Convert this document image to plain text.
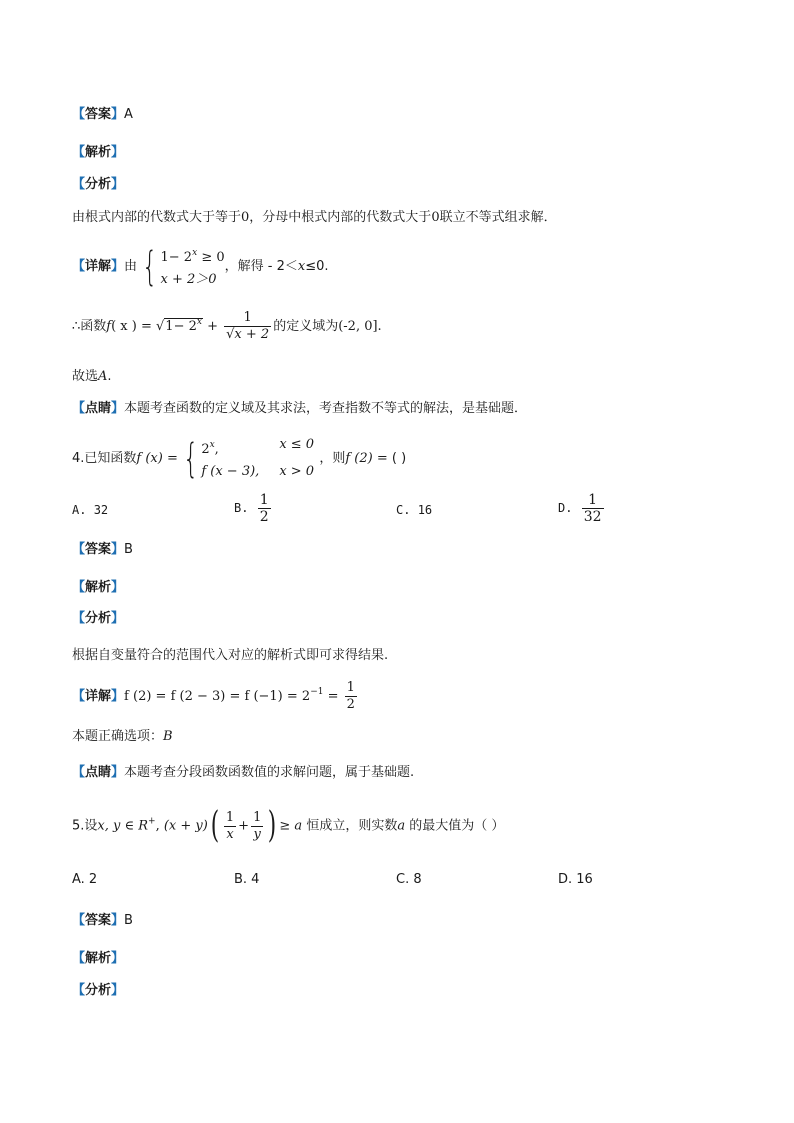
【答案】A
【解析】
【分析】
由根式内部的代数式大于等于0，分母中根式内部的代数式大于0联立不等式组求解．
【详解】由 { $1- 2^x \ge 0$
x + 2＞0
，解得 - 2＜x≤0.
∴函数f( x ) = $√1- 2^x + \frac{1}{√x + 2}$ 的定义域为(-2, 0].
故选A.
【点睛】本题考查函数的定义域及其求法，考查指数不等式的解法，是基础题．
4.已知函数f (x) = { 2$^x$,	x ≤ 0
f (x − 3), x > 0
，则f (2) = ( )
A. 32	B. $\frac{1}{2}$	C. 16	D. $\frac{1}{32}$
【答案】B
【解析】
【分析】
根据自变量符合的范围代入对应的解析式即可求得结果.
【详解】f (2) = f (2 − 3) = f $(-1) = 2^{-1} = \frac{1}{2}$
本题正确选项：B
【点睛】本题考查分段函数函数值的求解问题，属于基础题.
5.设x, y ∈ R+, $(x + y)( \frac{1}{x} + \frac{1}{y}$ ) ≥ a 恒成立，则实数a 的最大值为（ ）
A. 2	B. 4	C. 8	D. 16
【答案】B
【解析】
【分析】
